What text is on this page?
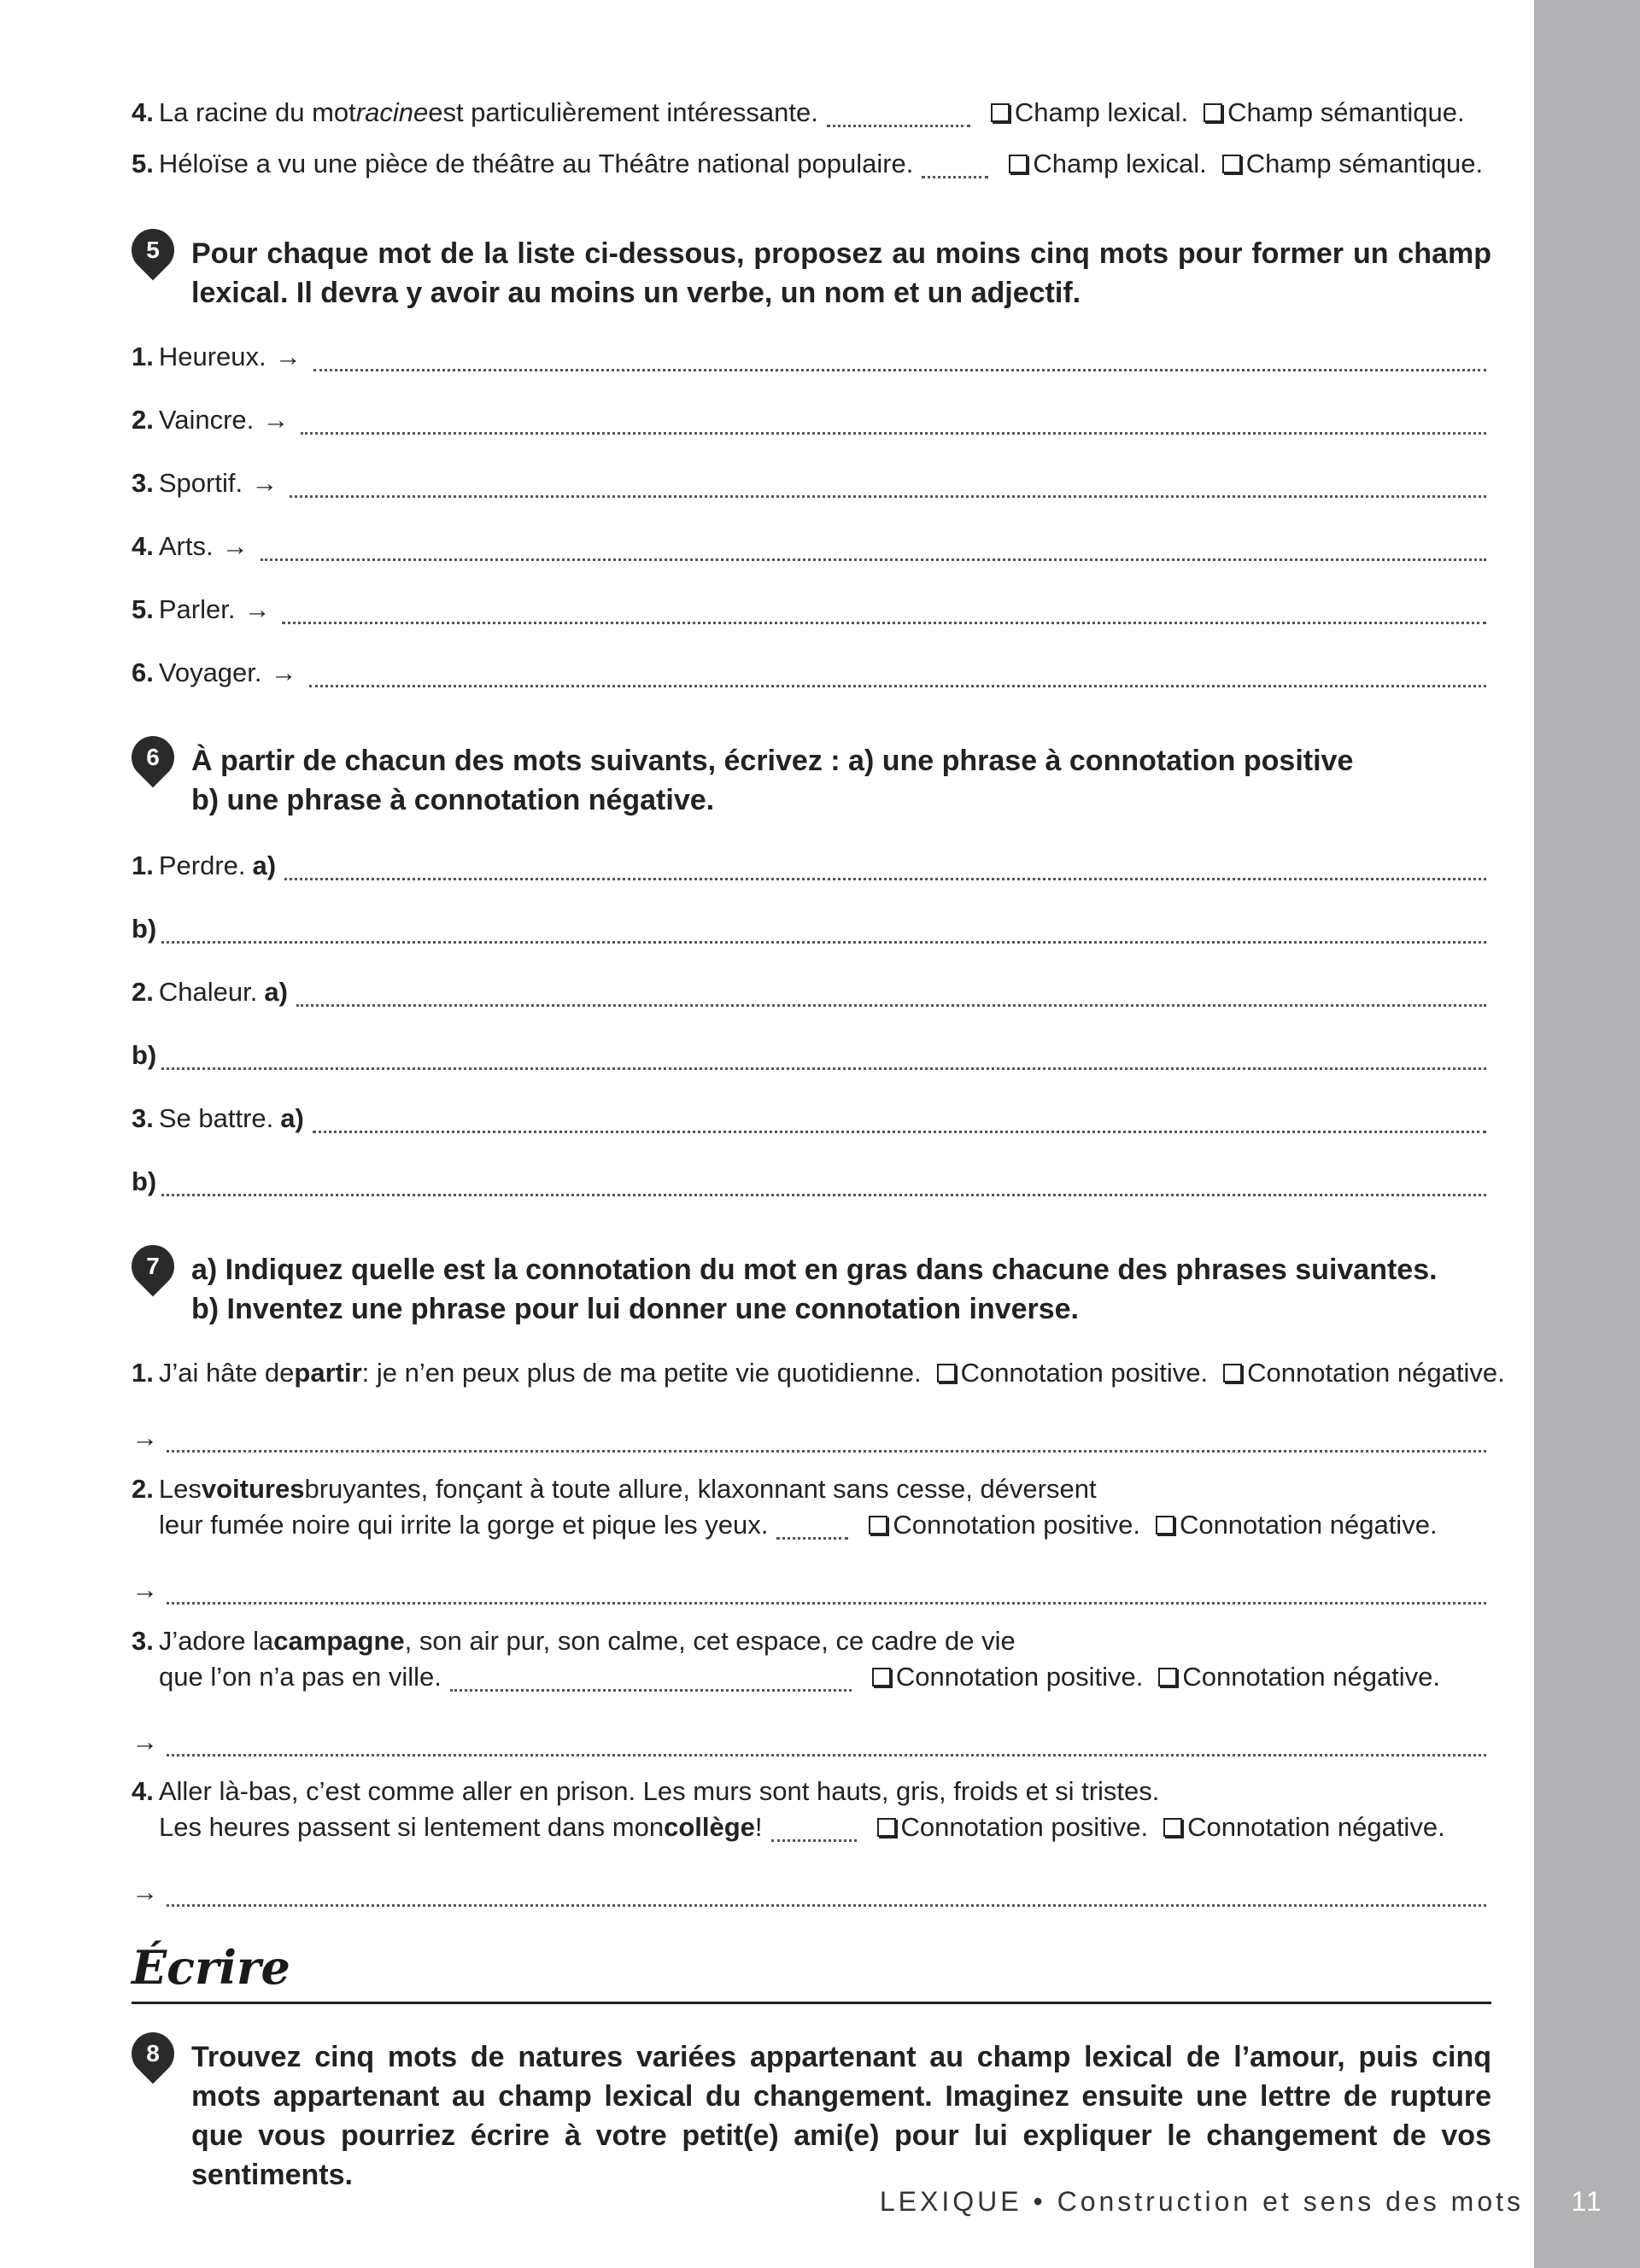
4. La racine du mot racine est particulièrement intéressante.	Champ lexical.	Champ sémantique.
5. Héloïse a vu une pièce de théâtre au Théâtre national populaire.	Champ lexical.	Champ sémantique.
5	Pour chaque mot de la liste ci-dessous, proposez au moins cinq mots pour former un champ lexical. Il devra y avoir au moins un verbe, un nom et un adjectif.
1. Heureux. →
2. Vaincre. →
3. Sportif. →
4. Arts. →
5. Parler. →
6. Voyager. →
6	À partir de chacun des mots suivants, écrivez : a) une phrase à connotation positive
b) une phrase à connotation négative.
1. Perdre. a)
b)
2. Chaleur. a)
b)
3. Se battre. a)
b)
7	a) Indiquez quelle est la connotation du mot en gras dans chacune des phrases suivantes.
b) Inventez une phrase pour lui donner une connotation inverse.
1. J’ai hâte de partir : je n’en peux plus de ma petite vie quotidienne.	Connotation positive.	Connotation négative.
→
2. Les voitures bruyantes, fonçant à toute allure, klaxonnant sans cesse, déversent
leur fumée noire qui irrite la gorge et pique les yeux.	Connotation positive.	Connotation négative.
→
3. J’adore la campagne , son air pur, son calme, cet espace, ce cadre de vie
que l’on n’a pas en ville.	Connotation positive.	Connotation négative.
→
4. Aller là-bas, c’est comme aller en prison. Les murs sont hauts, gris, froids et si tristes.
Les heures passent si lentement dans mon collège !	Connotation positive.	Connotation négative.
→
Écrire
8	Trouvez cinq mots de natures variées appartenant au champ lexical de l’amour, puis cinq mots appartenant au champ lexical du changement. Imaginez ensuite une lettre de rupture que vous pourriez écrire à votre petit(e) ami(e) pour lui expliquer le changement de vos sentiments.
LEXIQUE • Construction et sens des mots	11
